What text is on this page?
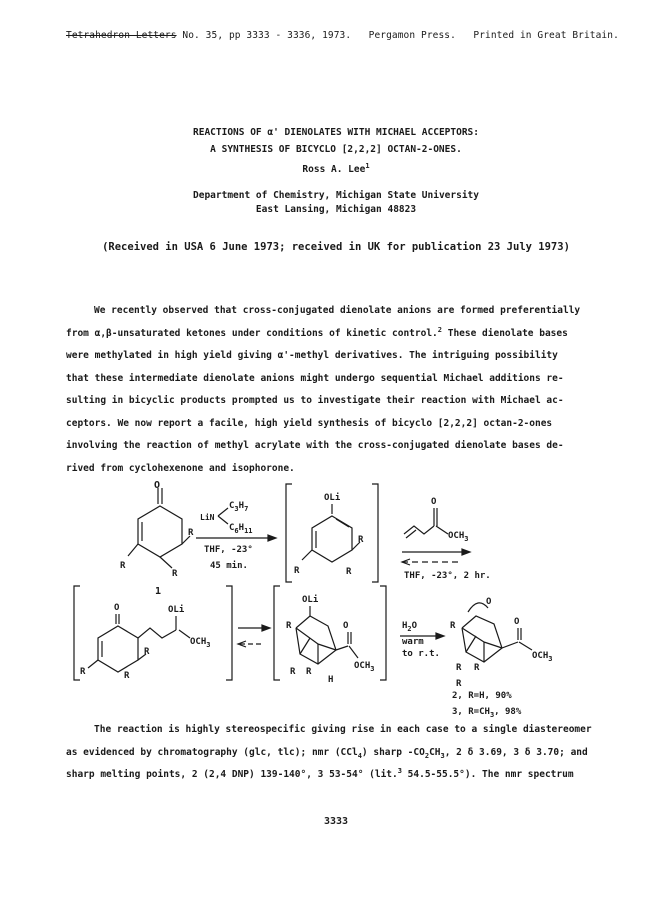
Tetrahedron Letters No. 35, pp 3333 - 3336, 1973. Pergamon Press. Printed in Great Britain.
REACTIONS OF α' DIENOLATES WITH MICHAEL ACCEPTORS:
A SYNTHESIS OF BICYCLO [2,2,2] OCTAN-2-ONES.
Ross A. Lee$^1$
Department of Chemistry, Michigan State University
East Lansing, Michigan 48823
(Received in USA 6 June 1973; received in UK for publication 23 July 1973)

We recently observed that cross-conjugated dienolate anions are formed preferentially

from α,β-unsaturated ketones under conditions of kinetic control.$^2$ These dienolate bases

were methylated in high yield giving α'-methyl derivatives. The intriguing possibility

that these intermediate dienolate anions might undergo sequential Michael additions re-

sulting in bicyclic products prompted us to investigate their reaction with Michael ac-

ceptors. We now report a facile, high yield synthesis of bicyclo [2,2,2] octan-2-ones

involving the reaction of methyl acrylate with the cross-conjugated dienolate bases de-

rived from cyclohexenone and isophorone.

O
R
R
R
1
LiN
$C_3H_7$
$C_6H_{11}$
THF, -23°
45 min.
OLi
R
R
R
O
$OCH_3$
THF, -23°, 2 hr.
O	OLi
$OCH_3$
R
R
R
OLi
O
$OCH_3$
R
R R
H
$H_2O$
warm
to r.t.
O
O
$OCH_3$
R
R R
R
2, R=H, 90%
3, $R=CH_3$, 98%

The reaction is highly stereospecific giving rise in each case to a single diastereomer

as evidenced by chromatography (glc, tlc); nmr (CCl$_4$) sharp $-CO_2CH_3$, 2 δ 3.69, 3 δ 3.70; and

sharp melting points, 2 (2,4 DNP) 139-140°, 3 53-54° (lit.$^3$ 54.5-55.5°). The nmr spectrum

3333
